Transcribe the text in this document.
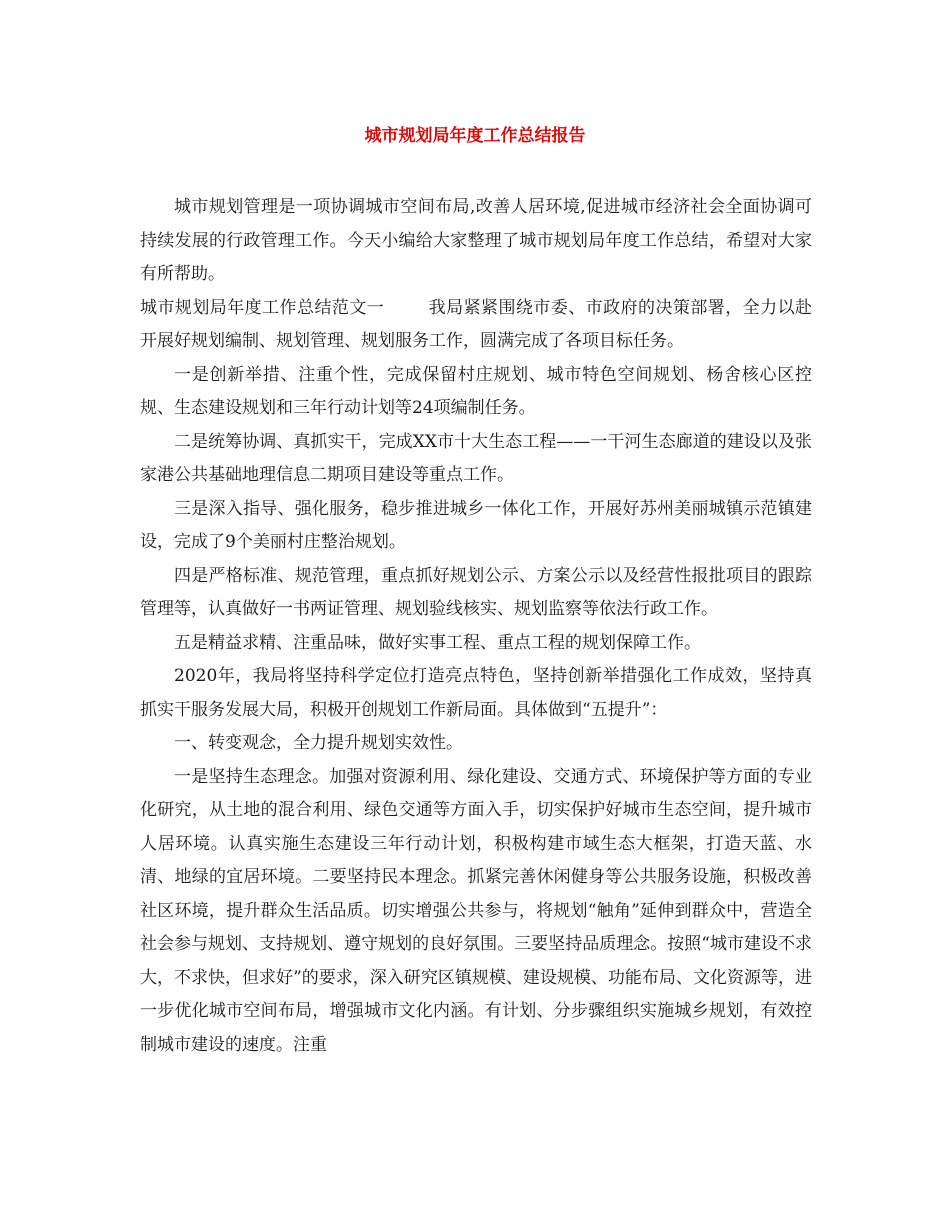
城市规划局年度工作总结报告

城市规划管理是一项协调城市空间布局,改善人居环境,促进城市经济社会全面协调可持续发展的行政管理工作。今天小编给大家整理了城市规划局年度工作总结，希望对大家有所帮助。

城市规划局年度工作总结范文一	我局紧紧围绕市委、市政府的决策部署，全力以赴开展好规划编制、规划管理、规划服务工作，圆满完成了各项目标任务。

一是创新举措、注重个性，完成保留村庄规划、城市特色空间规划、杨舍核心区控规、生态建设规划和三年行动计划等24项编制任务。

二是统筹协调、真抓实干，完成XX市十大生态工程——一干河生态廊道的建设以及张家港公共基础地理信息二期项目建设等重点工作。

三是深入指导、强化服务，稳步推进城乡一体化工作，开展好苏州美丽城镇示范镇建设，完成了9个美丽村庄整治规划。

四是严格标准、规范管理，重点抓好规划公示、方案公示以及经营性报批项目的跟踪管理等，认真做好一书两证管理、规划验线核实、规划监察等依法行政工作。

五是精益求精、注重品味，做好实事工程、重点工程的规划保障工作。

2020年，我局将坚持科学定位打造亮点特色，坚持创新举措强化工作成效，坚持真抓实干服务发展大局，积极开创规划工作新局面。具体做到“五提升”：

一、转变观念，全力提升规划实效性。

一是坚持生态理念。加强对资源利用、绿化建设、交通方式、环境保护等方面的专业化研究，从土地的混合利用、绿色交通等方面入手，切实保护好城市生态空间，提升城市人居环境。认真实施生态建设三年行动计划，积极构建市域生态大框架，打造天蓝、水清、地绿的宜居环境。二要坚持民本理念。抓紧完善休闲健身等公共服务设施，积极改善社区环境，提升群众生活品质。切实增强公共参与，将规划“触角”延伸到群众中，营造全社会参与规划、支持规划、遵守规划的良好氛围。三要坚持品质理念。按照“城市建设不求大，不求快，但求好”的要求，深入研究区镇规模、建设规模、功能布局、文化资源等，进一步优化城市空间布局，增强城市文化内涵。有计划、分步骤组织实施城乡规划，有效控制城市建设的速度。注重
